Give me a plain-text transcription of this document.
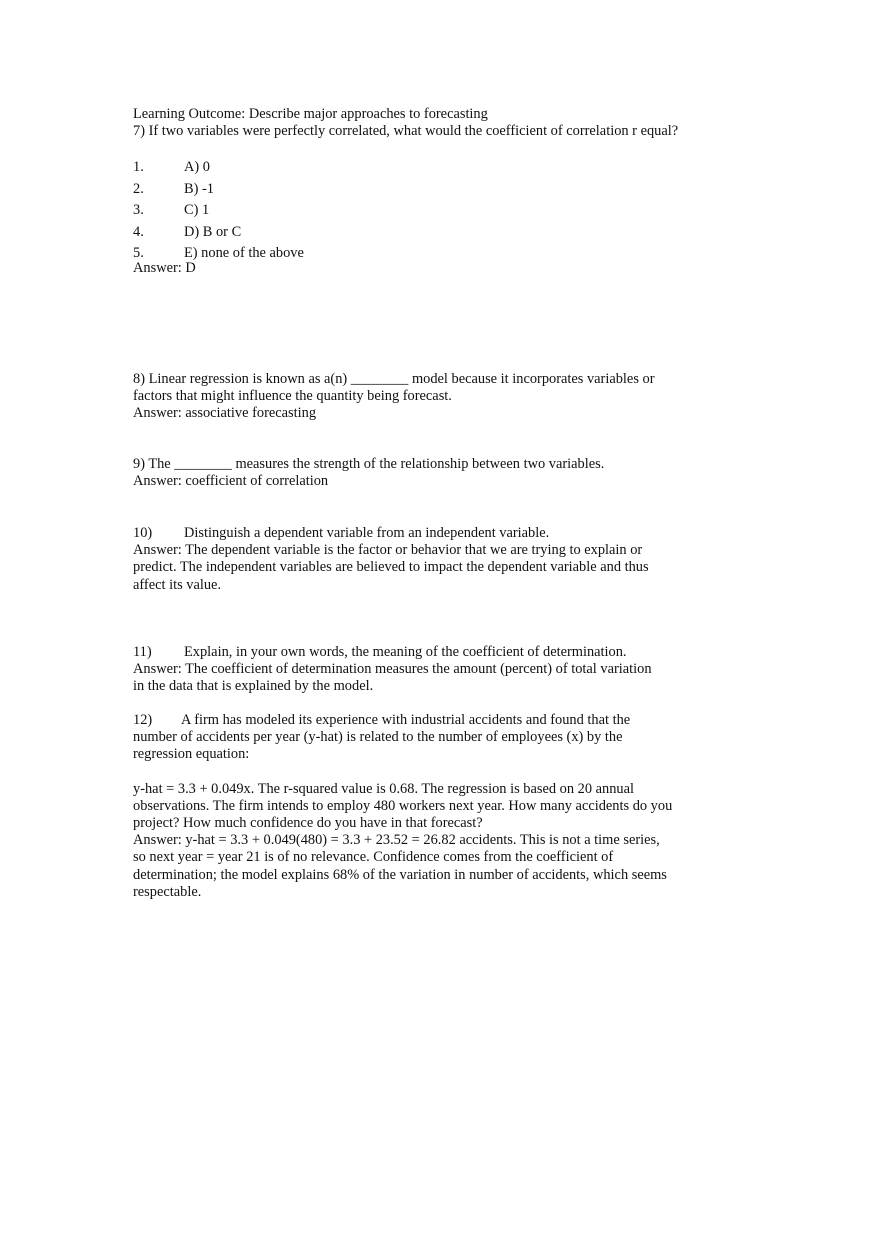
Learning Outcome: Describe major approaches to forecasting
7) If two variables were perfectly correlated, what would the coefficient of correlation r equal?
1.	A) 0
2.	B) -1
3.	C) 1
4.	D) B or C
5.	E) none of the above
Answer: D
8) Linear regression is known as a(n) ________ model because it incorporates variables or
factors that might influence the quantity being forecast.
Answer: associative forecasting
9) The ________ measures the strength of the relationship between two variables.
Answer: coefficient of correlation
10) Distinguish a dependent variable from an independent variable.
Answer: The dependent variable is the factor or behavior that we are trying to explain or
predict. The independent variables are believed to impact the dependent variable and thus
affect its value.
11) Explain, in your own words, the meaning of the coefficient of determination.
Answer: The coefficient of determination measures the amount (percent) of total variation
in the data that is explained by the model.
12) A firm has modeled its experience with industrial accidents and found that the
number of accidents per year (y-hat) is related to the number of employees (x) by the
regression equation:
y-hat = 3.3 + 0.049x. The r-squared value is 0.68. The regression is based on 20 annual
observations. The firm intends to employ 480 workers next year. How many accidents do you
project? How much confidence do you have in that forecast?
Answer: y-hat = 3.3 + 0.049(480) = 3.3 + 23.52 = 26.82 accidents. This is not a time series,
so next year = year 21 is of no relevance. Confidence comes from the coefficient of
determination; the model explains 68% of the variation in number of accidents, which seems
respectable.
